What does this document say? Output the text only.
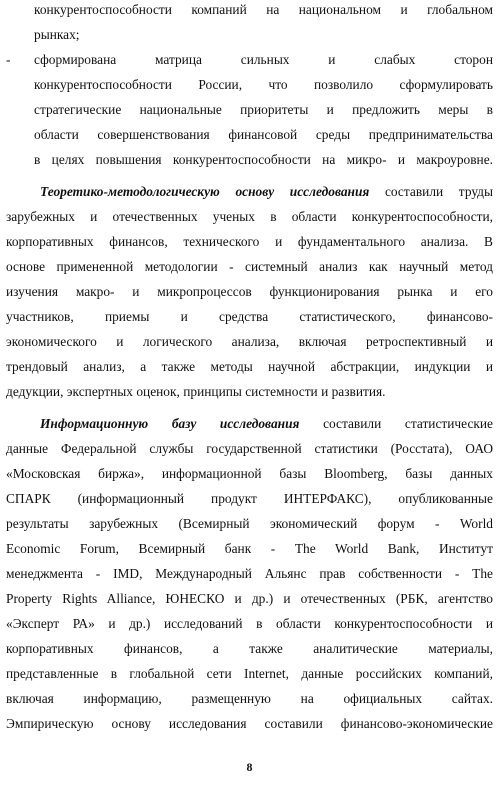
конкурентоспособности компаний на национальном и глобальном
рынках;
- сформирована матрица сильных и слабых сторон
конкурентоспособности России, что позволило сформулировать
стратегические национальные приоритеты и предложить меры в
области совершенствования финансовой среды предпринимательства
в целях повышения конкурентоспособности на микро- и макроуровне.
Теоретико-методологическую основу исследования составили труды
зарубежных и отечественных ученых в области конкурентоспособности,
корпоративных финансов, технического и фундаментального анализа. В
основе примененной методологии - системный анализ как научный метод
изучения макро- и микропроцессов функционирования рынка и его
участников, приемы и средства статистического, финансово-
экономического и логического анализа, включая ретроспективный и
трендовый анализ, а также методы научной абстракции, индукции и
дедукции, экспертных оценок, принципы системности и развития.
Информационную базу исследования составили статистические
данные Федеральной службы государственной статистики (Росстата), ОАО
«Московская биржа», информационной базы Bloomberg, базы данных
СПАРК (информационный продукт ИНТЕРФАКС), опубликованные
результаты зарубежных (Всемирный экономический форум - World
Economic Forum, Всемирный банк - The World Bank, Институт
менеджмента - IMD, Международный Альянс прав собственности - The
Property Rights Alliance, ЮНЕСКО и др.) и отечественных (РБК, агентство
«Эксперт РА» и др.) исследований в области конкурентоспособности и
корпоративных финансов, а также аналитические материалы,
представленные в глобальной сети Internet, данные российских компаний,
включая информацию, размещенную на официальных сайтах.
Эмпирическую основу исследования составили финансово-экономические
8
